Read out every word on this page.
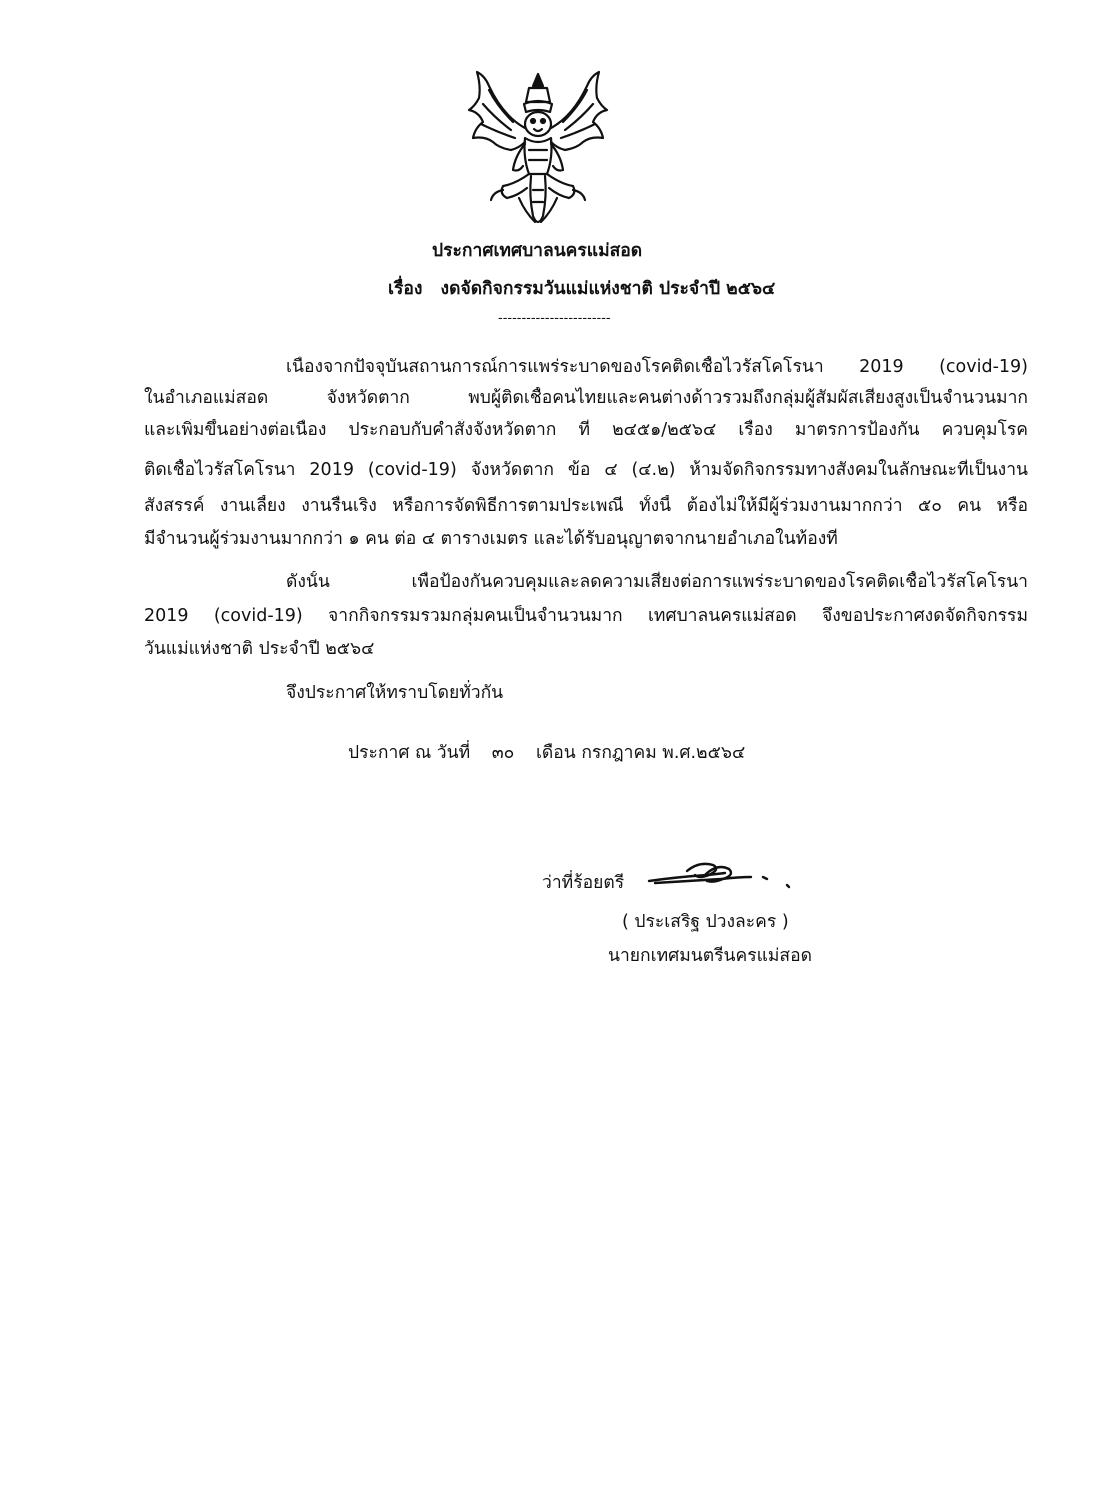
ประกาศเทศบาลนครแม่สอด
เรื่อง งดจัดกิจกรรมวันแม่แห่งชาติ ประจำปี ๒๕๖๔
------------------------
เนื่องจากปัจจุบันสถานการณ์การแพร่ระบาดของโรคติดเชื้อไวรัสโคโรนา 2019 (covid-19)
ในอำเภอแม่สอด จังหวัดตาก พบผู้ติดเชื้อคนไทยและคนต่างด้าวรวมถึงกลุ่มผู้สัมผัสเสี่ยงสูงเป็นจำนวนมาก
และเพิ่มขึ้นอย่างต่อเนื่อง ประกอบกับคำสั่งจังหวัดตาก ที่ ๒๔๕๑/๒๕๖๔ เรื่อง มาตรการป้องกัน ควบคุมโรค
ติดเชื้อไวรัสโคโรนา 2019 (covid-19) จังหวัดตาก ข้อ ๔ (๔.๒) ห้ามจัดกิจกรรมทางสังคมในลักษณะที่เป็นงาน
สังสรรค์ งานเลี้ยง งานรื่นเริง หรือการจัดพิธีการตามประเพณี ทั้งนี้ ต้องไม่ให้มีผู้ร่วมงานมากกว่า ๕๐ คน หรือ
มีจำนวนผู้ร่วมงานมากกว่า ๑ คน ต่อ ๔ ตารางเมตร และได้รับอนุญาตจากนายอำเภอในท้องที่
ดังนั้น เพื่อป้องกันควบคุมและลดความเสี่ยงต่อการแพร่ระบาดของโรคติดเชื้อไวรัสโคโรนา
2019 (covid-19) จากกิจกรรมรวมกลุ่มคนเป็นจำนวนมาก เทศบาลนครแม่สอด จึงขอประกาศงดจัดกิจกรรม
วันแม่แห่งชาติ ประจำปี ๒๕๖๔
จึงประกาศให้ทราบโดยทั่วกัน
ประกาศ ณ วันที่ ๓๐ เดือน กรกฎาคม พ.ศ.๒๕๖๔
ว่าที่ร้อยตรี
( ประเสริฐ ปวงละคร )
นายกเทศมนตรีนครแม่สอด
